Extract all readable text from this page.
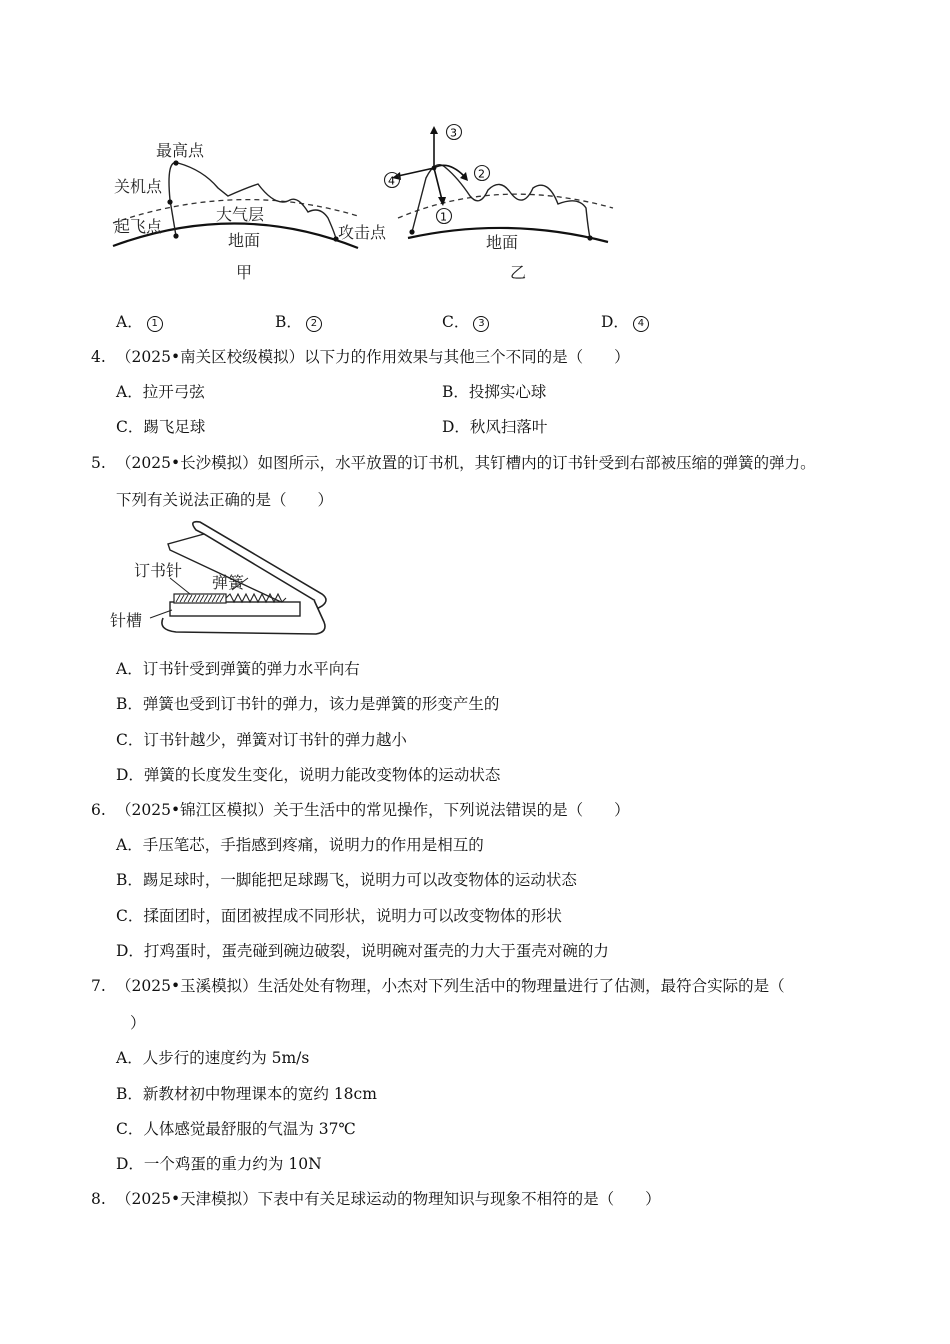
最高点
关机点
起飞点
大气层
地面	攻击点
甲
3
2
4
1
地面
乙
A． 1	B． 2	C． 3	D． 4
4. （2025•南关区校级模拟）以下力的作用效果与其他三个不同的是（　　）
A．拉开弓弦	B．投掷实心球
C．踢飞足球	D．秋风扫落叶
5. （2025•长沙模拟）如图所示，水平放置的订书机，其钉槽内的订书针受到右部被压缩的弹簧的弹力。
下列有关说法正确的是（　　）
订书针
弹簧
针槽
A．订书针受到弹簧的弹力水平向右
B．弹簧也受到订书针的弹力，该力是弹簧的形变产生的
C．订书针越少，弹簧对订书针的弹力越小
D．弹簧的长度发生变化，说明力能改变物体的运动状态
6. （2025•锦江区模拟）关于生活中的常见操作，下列说法错误的是（　　）
A．手压笔芯，手指感到疼痛，说明力的作用是相互的
B．踢足球时，一脚能把足球踢飞，说明力可以改变物体的运动状态
C．揉面团时，面团被捏成不同形状，说明力可以改变物体的形状
D．打鸡蛋时，蛋壳碰到碗边破裂，说明碗对蛋壳的力大于蛋壳对碗的力
7. （2025•玉溪模拟）生活处处有物理，小杰对下列生活中的物理量进行了估测，最符合实际的是（
）
A．人步行的速度约为 5m/s
B．新教材初中物理课本的宽约 18cm
C．人体感觉最舒服的气温为 37℃
D．一个鸡蛋的重力约为 10N
8. （2025•天津模拟）下表中有关足球运动的物理知识与现象不相符的是（　　）
